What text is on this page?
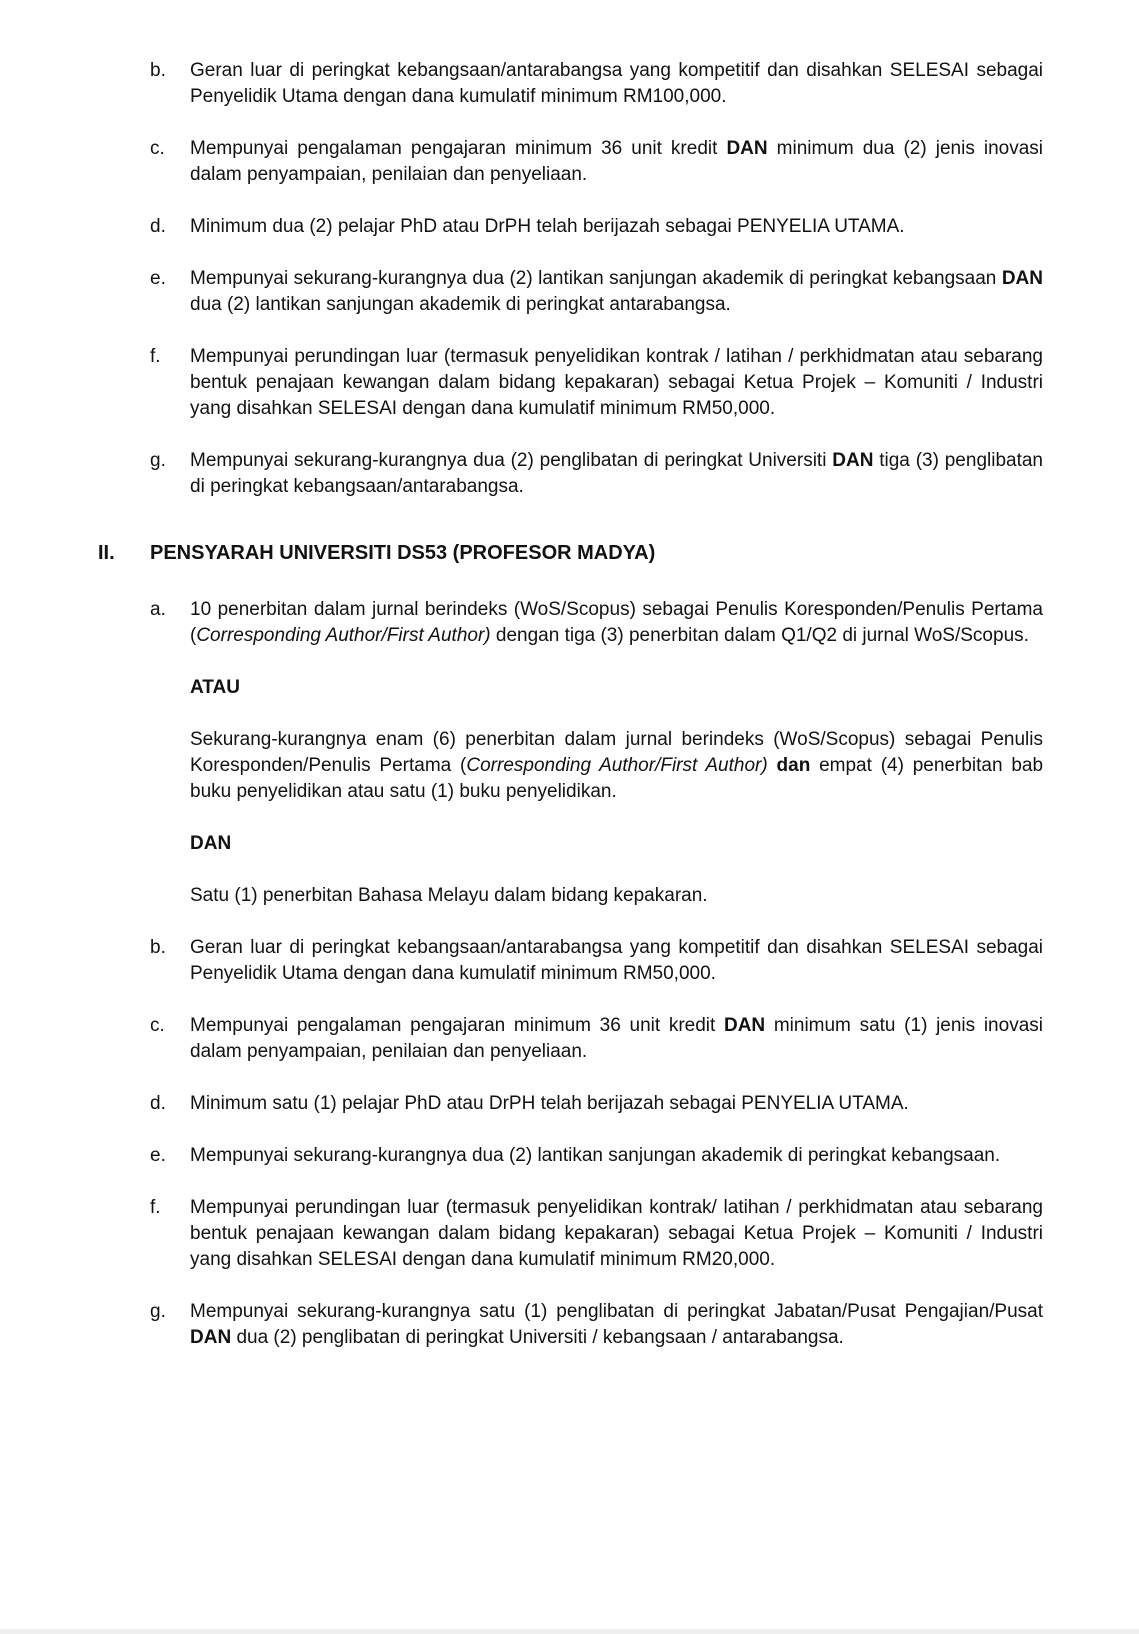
b.	Geran luar di peringkat kebangsaan/antarabangsa yang kompetitif dan disahkan SELESAI sebagai Penyelidik Utama dengan dana kumulatif minimum RM100,000.

c.	Mempunyai pengalaman pengajaran minimum 36 unit kredit DAN minimum dua (2) jenis inovasi dalam penyampaian, penilaian dan penyeliaan.

d.	Minimum dua (2) pelajar PhD atau DrPH telah berijazah sebagai PENYELIA UTAMA.

e.	Mempunyai sekurang-kurangnya dua (2) lantikan sanjungan akademik di peringkat kebangsaan DAN dua (2) lantikan sanjungan akademik di peringkat antarabangsa.

f.	Mempunyai perundingan luar (termasuk penyelidikan kontrak / latihan / perkhidmatan atau sebarang bentuk penajaan kewangan dalam bidang kepakaran) sebagai Ketua Projek – Komuniti / Industri yang disahkan SELESAI dengan dana kumulatif minimum RM50,000.

g.	Mempunyai sekurang-kurangnya dua (2) penglibatan di peringkat Universiti DAN tiga (3) penglibatan di peringkat kebangsaan/antarabangsa.

II.	PENSYARAH UNIVERSITI DS53 (PROFESOR MADYA)
a.	10 penerbitan dalam jurnal berindeks (WoS/Scopus) sebagai Penulis Koresponden/Penulis Pertama (Corresponding Author/First Author) dengan tiga (3) penerbitan dalam Q1/Q2 di jurnal WoS/Scopus.

ATAU

Sekurang-kurangnya enam (6) penerbitan dalam jurnal berindeks (WoS/Scopus) sebagai Penulis Koresponden/Penulis Pertama (Corresponding Author/First Author) dan empat (4) penerbitan bab buku penyelidikan atau satu (1) buku penyelidikan.

DAN

Satu (1) penerbitan Bahasa Melayu dalam bidang kepakaran.

b.	Geran luar di peringkat kebangsaan/antarabangsa yang kompetitif dan disahkan SELESAI sebagai Penyelidik Utama dengan dana kumulatif minimum RM50,000.

c.	Mempunyai pengalaman pengajaran minimum 36 unit kredit DAN minimum satu (1) jenis inovasi dalam penyampaian, penilaian dan penyeliaan.

d.	Minimum satu (1) pelajar PhD atau DrPH telah berijazah sebagai PENYELIA UTAMA.

e.	Mempunyai sekurang-kurangnya dua (2) lantikan sanjungan akademik di peringkat kebangsaan.

f.	Mempunyai perundingan luar (termasuk penyelidikan kontrak/ latihan / perkhidmatan atau sebarang bentuk penajaan kewangan dalam bidang kepakaran) sebagai Ketua Projek – Komuniti / Industri yang disahkan SELESAI dengan dana kumulatif minimum RM20,000.

g.	Mempunyai sekurang-kurangnya satu (1) penglibatan di peringkat Jabatan/Pusat Pengajian/Pusat DAN dua (2) penglibatan di peringkat Universiti / kebangsaan / antarabangsa.
